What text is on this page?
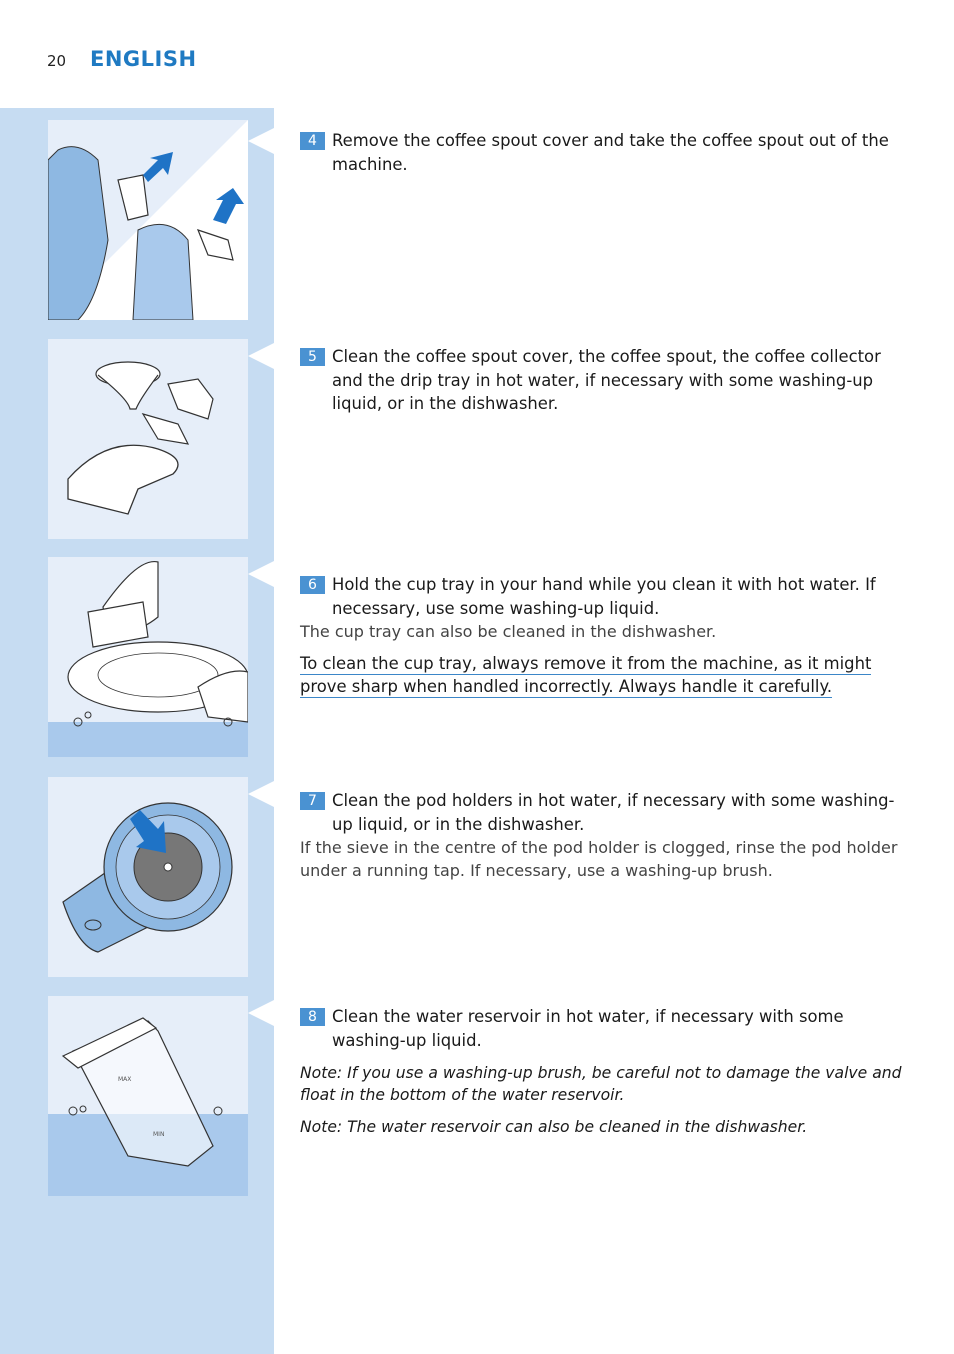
20 ENGLISH
MAX
MIN
4 Remove the coffee spout cover and take the coffee spout out of the machine.
5 Clean the coffee spout cover, the coffee spout, the coffee collector and the drip tray in hot water, if necessary with some washing-up liquid, or in the dishwasher.
6 Hold the cup tray in your hand while you clean it with hot water. If necessary, use some washing-up liquid.
The cup tray can also be cleaned in the dishwasher.
To clean the cup tray, always remove it from the machine, as it might prove sharp when handled incorrectly. Always handle it carefully.
7 Clean the pod holders in hot water, if necessary with some washing-up liquid, or in the dishwasher.
If the sieve in the centre of the pod holder is clogged, rinse the pod holder under a running tap. If necessary, use a washing-up brush.
8 Clean the water reservoir in hot water, if necessary with some washing-up liquid.
Note: If you use a washing-up brush, be careful not to damage the valve and float in the bottom of the water reservoir.
Note: The water reservoir can also be cleaned in the dishwasher.
